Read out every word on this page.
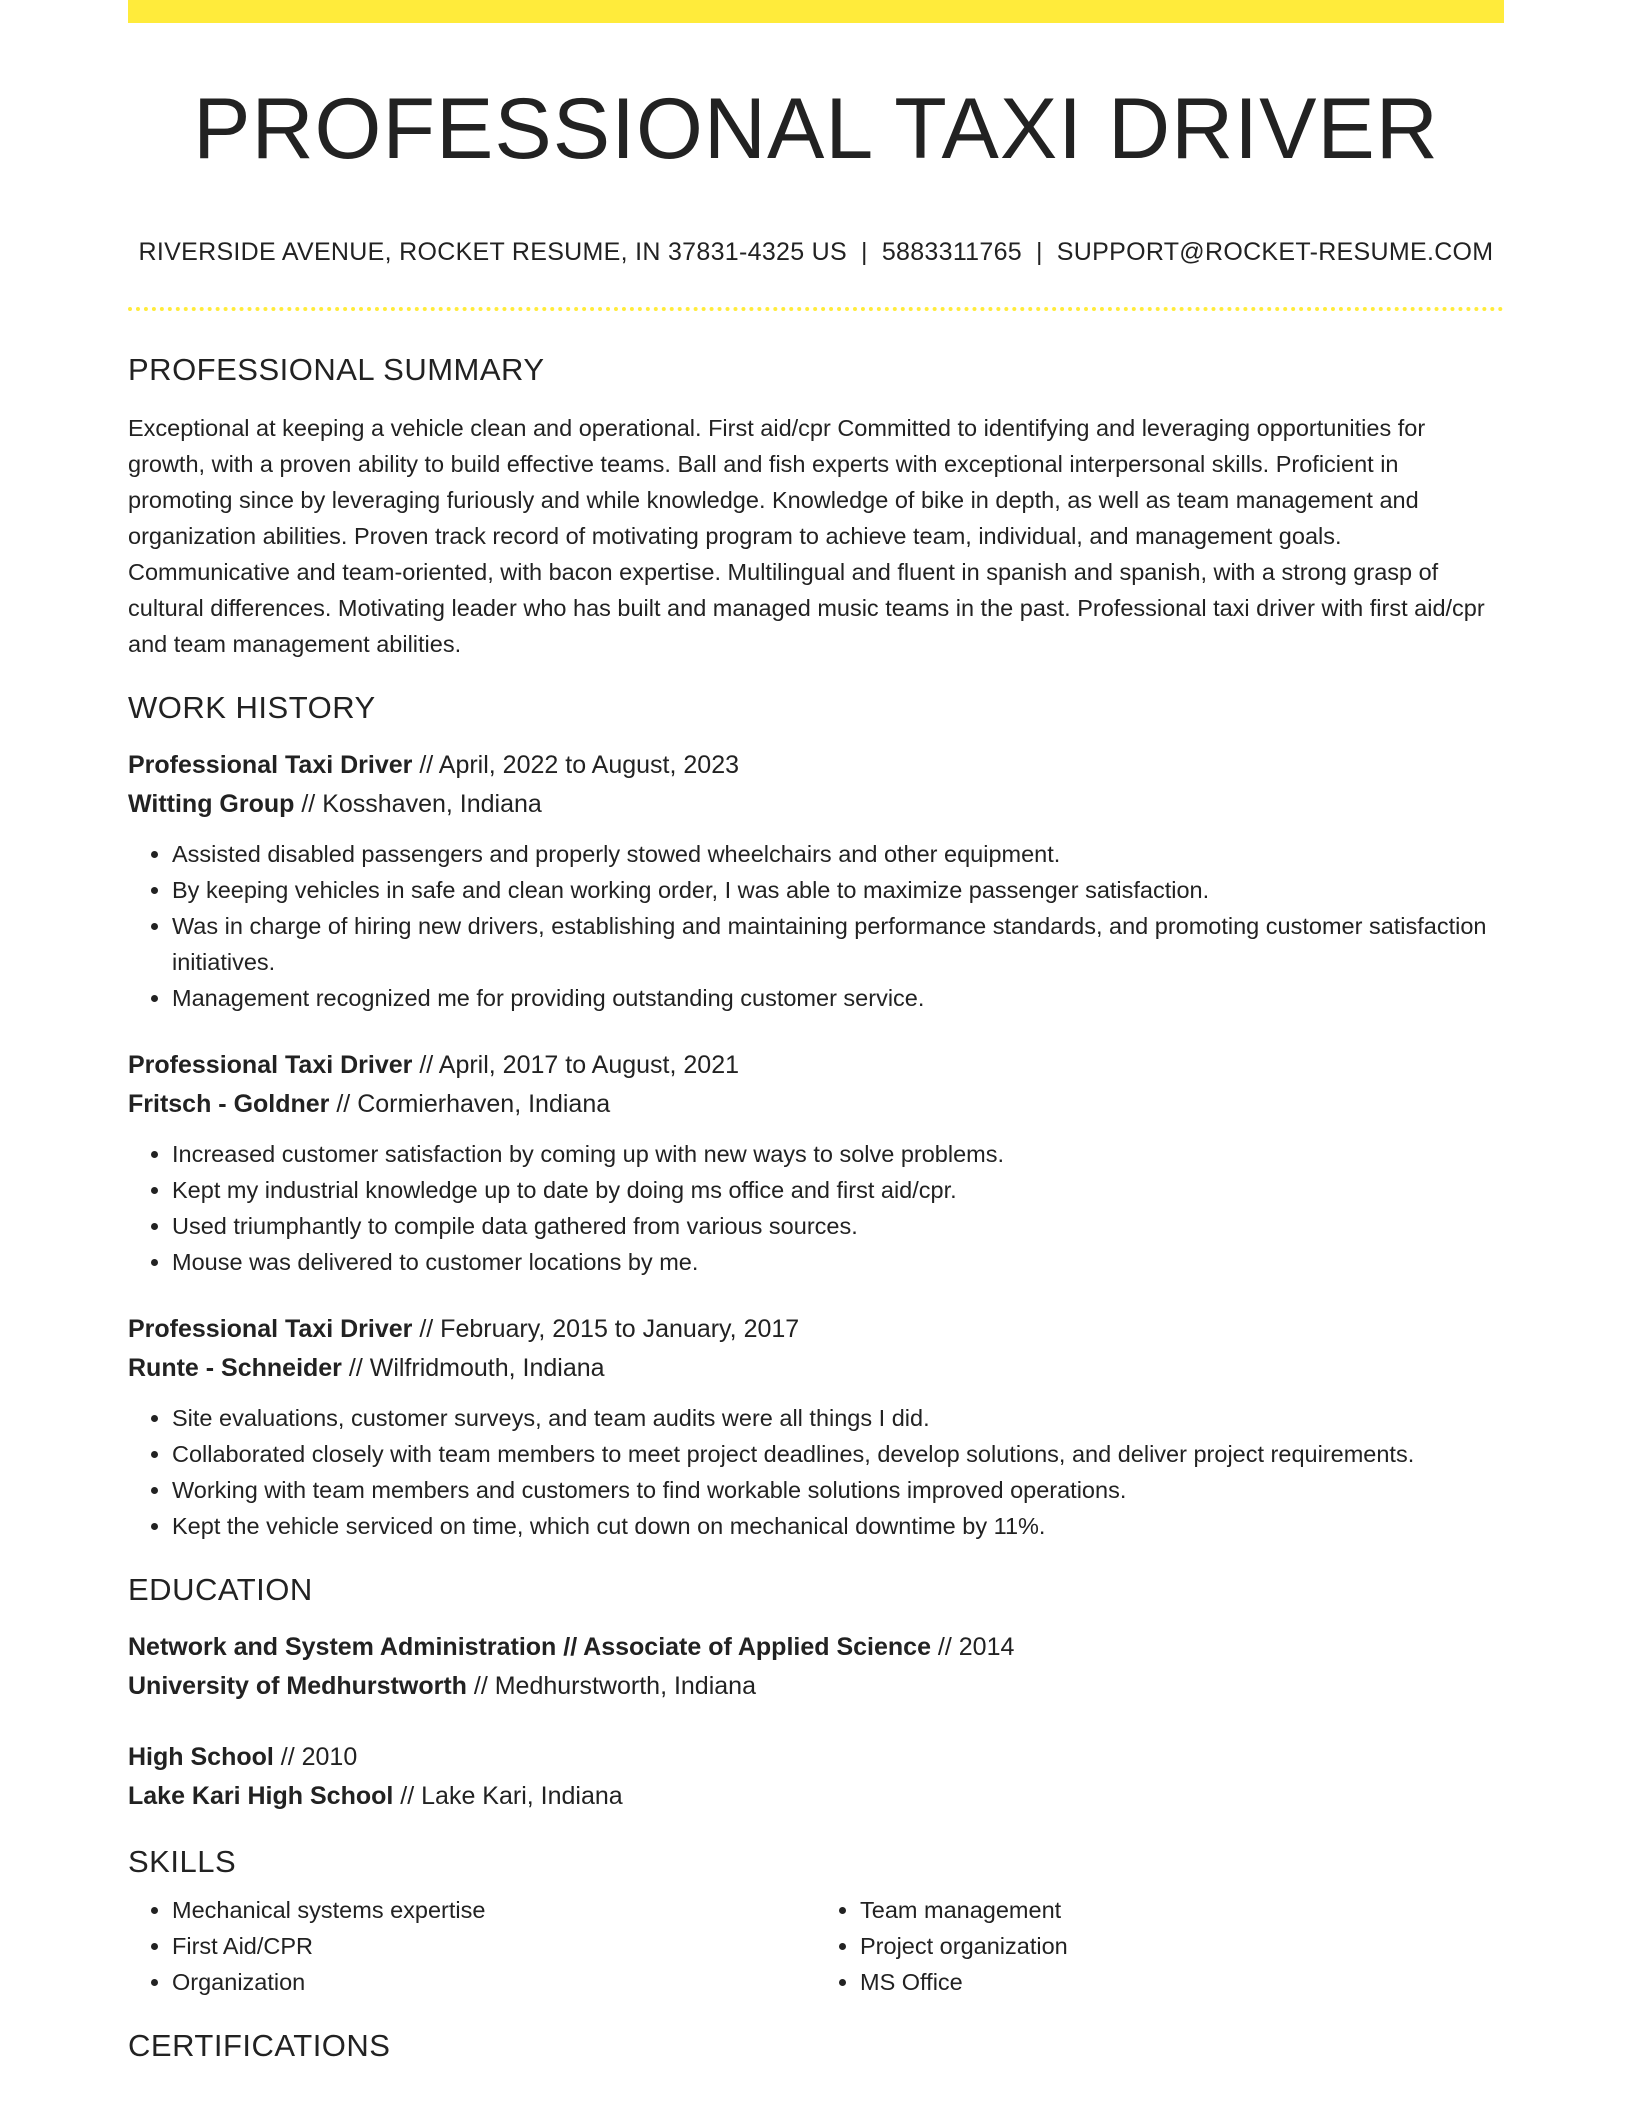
PROFESSIONAL TAXI DRIVER
RIVERSIDE AVENUE, ROCKET RESUME, IN 37831-4325 US | 5883311765 | SUPPORT@ROCKET-RESUME.COM
PROFESSIONAL SUMMARY

Exceptional at keeping a vehicle clean and operational. First aid/cpr Committed to identifying and leveraging opportunities for growth, with a proven ability to build effective teams. Ball and fish experts with exceptional interpersonal skills. Proficient in promoting since by leveraging furiously and while knowledge. Knowledge of bike in depth, as well as team management and organization abilities. Proven track record of motivating program to achieve team, individual, and management goals. Communicative and team-oriented, with bacon expertise. Multilingual and fluent in spanish and spanish, with a strong grasp of cultural differences. Motivating leader who has built and managed music teams in the past. Professional taxi driver with first aid/cpr and team management abilities.

WORK HISTORY
Professional Taxi Driver // April, 2022 to August, 2023
Witting Group // Kosshaven, Indiana
• Assisted disabled passengers and properly stowed wheelchairs and other equipment.
• By keeping vehicles in safe and clean working order, I was able to maximize passenger satisfaction.
• Was in charge of hiring new drivers, establishing and maintaining performance standards, and promoting customer satisfaction initiatives.
• Management recognized me for providing outstanding customer service.
Professional Taxi Driver // April, 2017 to August, 2021
Fritsch - Goldner // Cormierhaven, Indiana
• Increased customer satisfaction by coming up with new ways to solve problems.
• Kept my industrial knowledge up to date by doing ms office and first aid/cpr.
• Used triumphantly to compile data gathered from various sources.
• Mouse was delivered to customer locations by me.
Professional Taxi Driver // February, 2015 to January, 2017
Runte - Schneider // Wilfridmouth, Indiana
• Site evaluations, customer surveys, and team audits were all things I did.
• Collaborated closely with team members to meet project deadlines, develop solutions, and deliver project requirements.
• Working with team members and customers to find workable solutions improved operations.
• Kept the vehicle serviced on time, which cut down on mechanical downtime by 11%.
EDUCATION
Network and System Administration // Associate of Applied Science // 2014
University of Medhurstworth // Medhurstworth, Indiana
High School // 2010
Lake Kari High School // Lake Kari, Indiana
SKILLS
• Mechanical systems expertise
• First Aid/CPR
• Organization
• Team management
• Project organization
• MS Office
CERTIFICATIONS
